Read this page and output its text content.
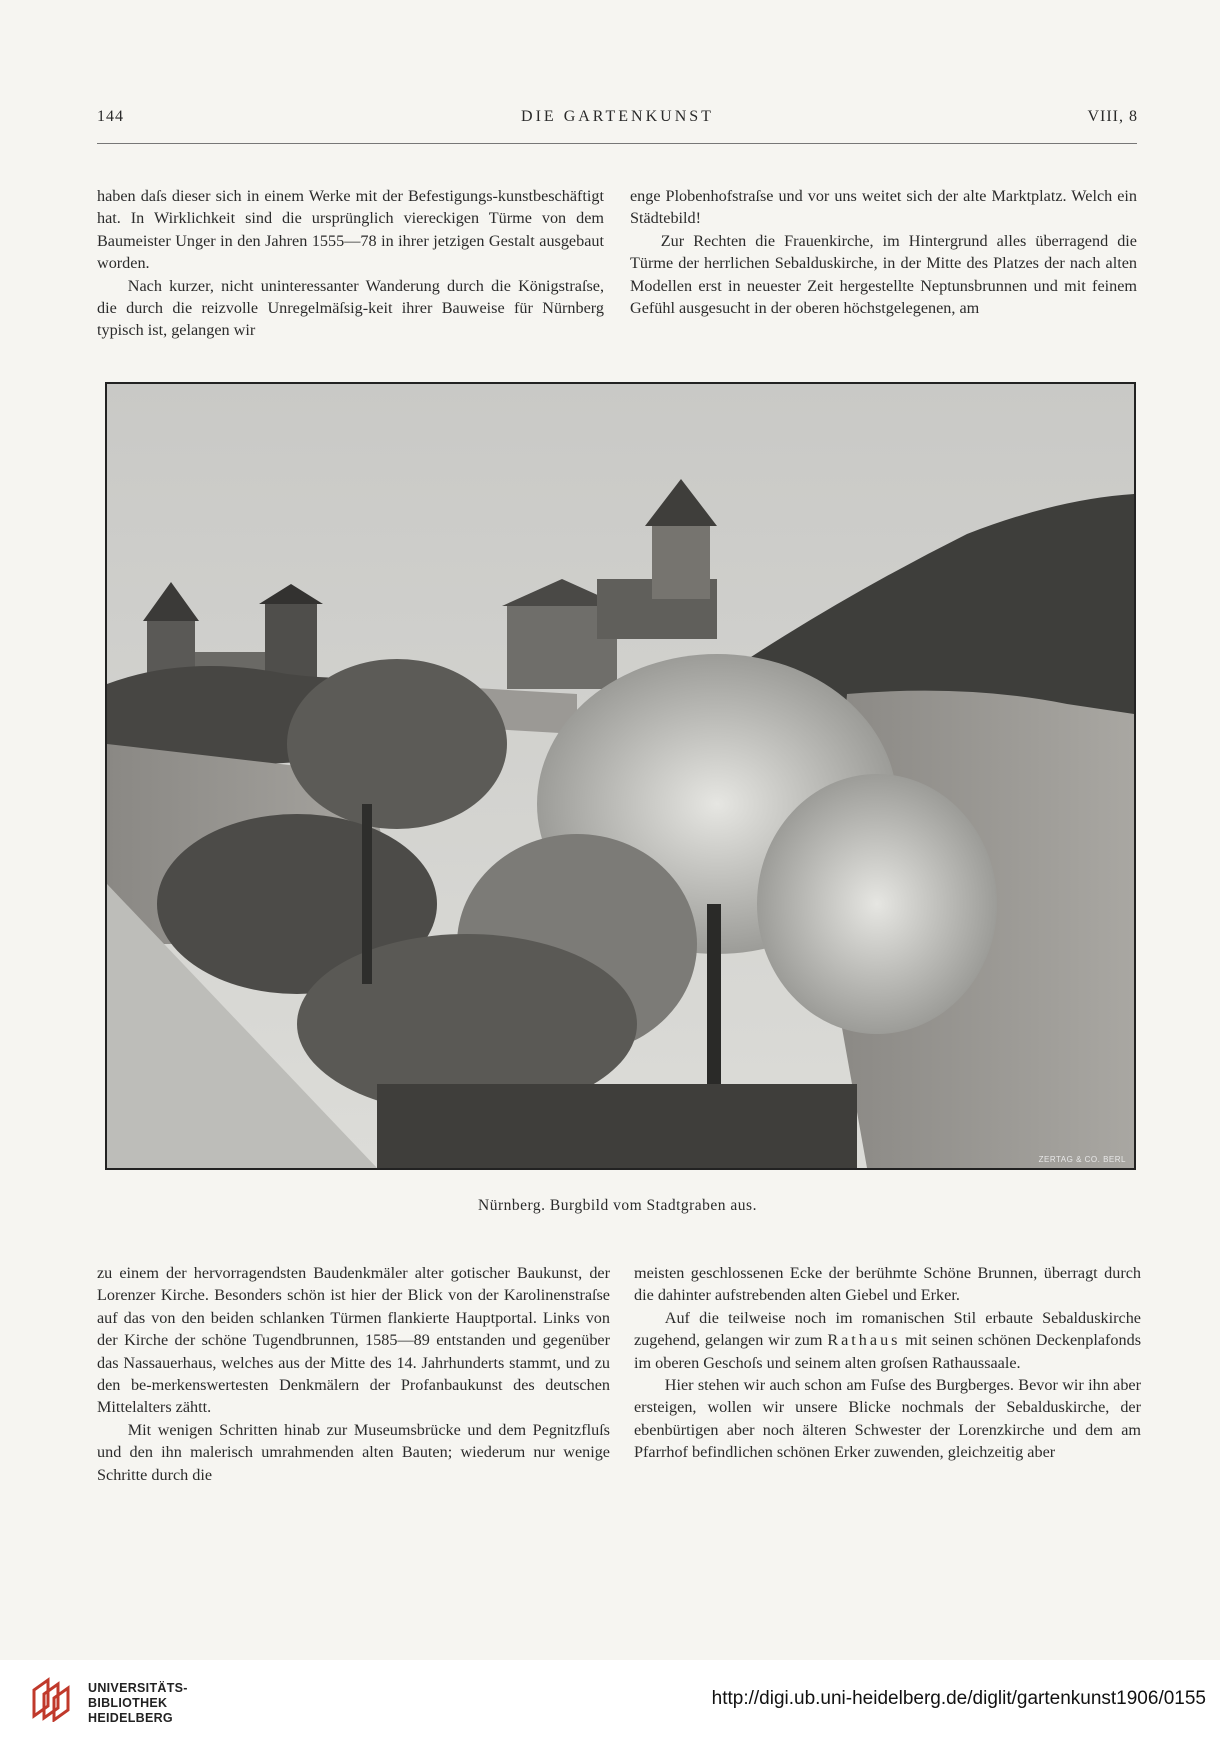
144	DIE GARTENKUNST	VIII, 8

haben daſs dieser sich in einem Werke mit der Befestigungs-kunstbeschäftigt hat. In Wirklichkeit sind die ursprünglich viereckigen Türme von dem Baumeister Unger in den Jahren 1555—78 in ihrer jetzigen Gestalt ausgebaut worden.

Nach kurzer, nicht uninteressanter Wanderung durch die Königstraſse, die durch die reizvolle Unregelmäſsig-keit ihrer Bauweise für Nürnberg typisch ist, gelangen wir

enge Plobenhofstraſse und vor uns weitet sich der alte Marktplatz. Welch ein Städtebild!

Zur Rechten die Frauenkirche, im Hintergrund alles überragend die Türme der herrlichen Sebalduskirche, in der Mitte des Platzes der nach alten Modellen erst in neuester Zeit hergestellte Neptunsbrunnen und mit feinem Gefühl ausgesucht in der oberen höchstgelegenen, am

ZERTAG & CO. BERL
Nürnberg. Burgbild vom Stadtgraben aus.

zu einem der hervorragendsten Baudenkmäler alter gotischer Baukunst, der Lorenzer Kirche. Besonders schön ist hier der Blick von der Karolinenstraſse auf das von den beiden schlanken Türmen flankierte Hauptportal. Links von der Kirche der schöne Tugendbrunnen, 1585—89 entstanden und gegenüber das Nassauerhaus, welches aus der Mitte des 14. Jahrhunderts stammt, und zu den be-merkenswertesten Denkmälern der Profanbaukunst des deutschen Mittelalters zähtt.

Mit wenigen Schritten hinab zur Museumsbrücke und dem Pegnitzfluſs und den ihn malerisch umrahmenden alten Bauten; wiederum nur wenige Schritte durch die

meisten geschlossenen Ecke der berühmte Schöne Brunnen, überragt durch die dahinter aufstrebenden alten Giebel und Erker.

Auf die teilweise noch im romanischen Stil erbaute Sebalduskirche zugehend, gelangen wir zum Rathaus mit seinen schönen Deckenplafonds im oberen Geschoſs und seinem alten groſsen Rathaussaale.

Hier stehen wir auch schon am Fuſse des Burgberges. Bevor wir ihn aber ersteigen, wollen wir unsere Blicke nochmals der Sebalduskirche, der ebenbürtigen aber noch älteren Schwester der Lorenzkirche und dem am Pfarrhof befindlichen schönen Erker zuwenden, gleichzeitig aber

UNIVERSITÄTS-
BIBLIOTHEK
HEIDELBERG
http://digi.ub.uni-heidelberg.de/diglit/gartenkunst1906/0155
